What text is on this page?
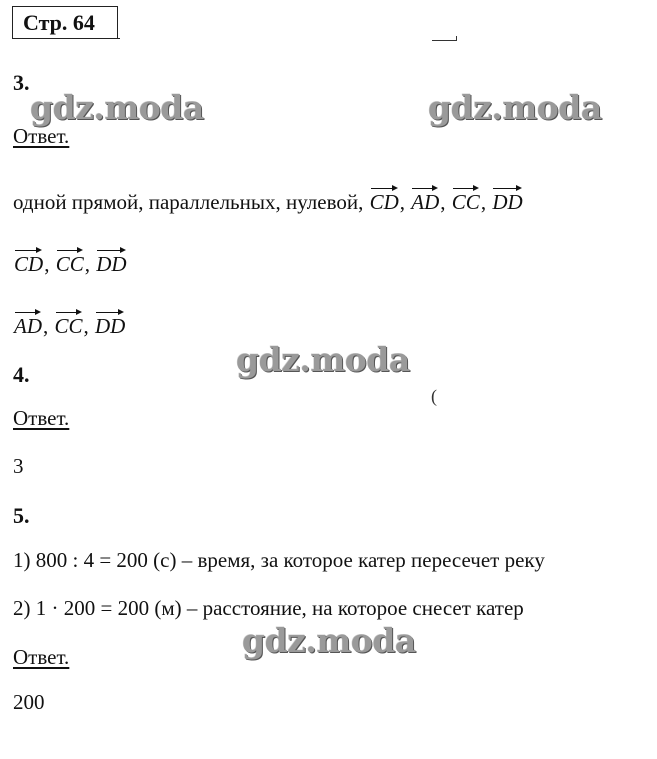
Стр. 64
gdz.moda	gdz.moda
gdz.moda
gdz.moda
3.
Ответ.
одной прямой, параллельных, нулевой, CD, AD, CC, DD
CD, CC, DD
AD, CC, DD
4.
(
Ответ.
3
5.
1) 800 : 4 = 200 (с) – время, за которое катер пересечет реку
2) 1 · 200 = 200 (м) – расстояние, на которое снесет катер
Ответ.
200
